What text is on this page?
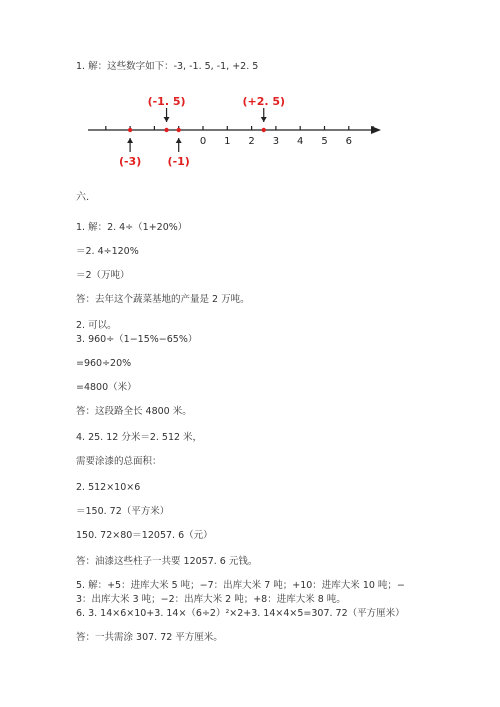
1. 解：这些数字如下：-3, -1. 5, -1, +2. 5
0 1 2 3 4 5 6
(-3)
(-1. 5)
(-1)
(+2. 5)
六.
1. 解：2. 4÷（1+20%）
＝2. 4÷120%
＝2（万吨）
答：去年这个蔬菜基地的产量是 2 万吨。
2. 可以。
3. 960÷（1−15%−65%）
=960÷20%
=4800（米）
答：这段路全长 4800 米。
4. 25. 12 分米＝2. 512 米，
需要涂漆的总面积：
2. 512×10×6
＝150. 72（平方米）
150. 72×80＝12057. 6（元）
答：油漆这些柱子一共要 12057. 6 元钱。
5. 解：+5：进库大米 5 吨；−7：出库大米 7 吨；+10：进库大米 10 吨；−
3：出库大米 3 吨；−2：出库大米 2 吨；+8：进库大米 8 吨。
6. 3. 14×6×10+3. 14×（6÷2）²×2+3. 14×4×5=307. 72（平方厘米）
答：一共需涂 307. 72 平方厘米。
